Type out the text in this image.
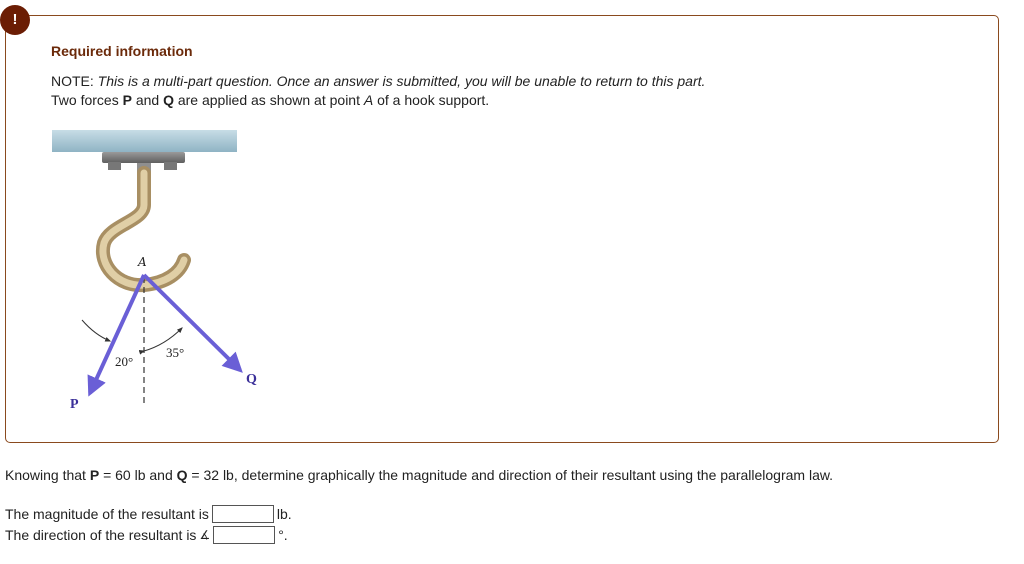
!
Required information
NOTE: This is a multi-part question. Once an answer is submitted, you will be unable to return to this part.
Two forces P and Q are applied as shown at point A of a hook support.
A
20°
35°
Q
P
Knowing that P = 60 lb and Q = 32 lb, determine graphically the magnitude and direction of their resultant using the parallelogram law.
The magnitude of the resultant is	lb.
The direction of the resultant is ∡	°.
